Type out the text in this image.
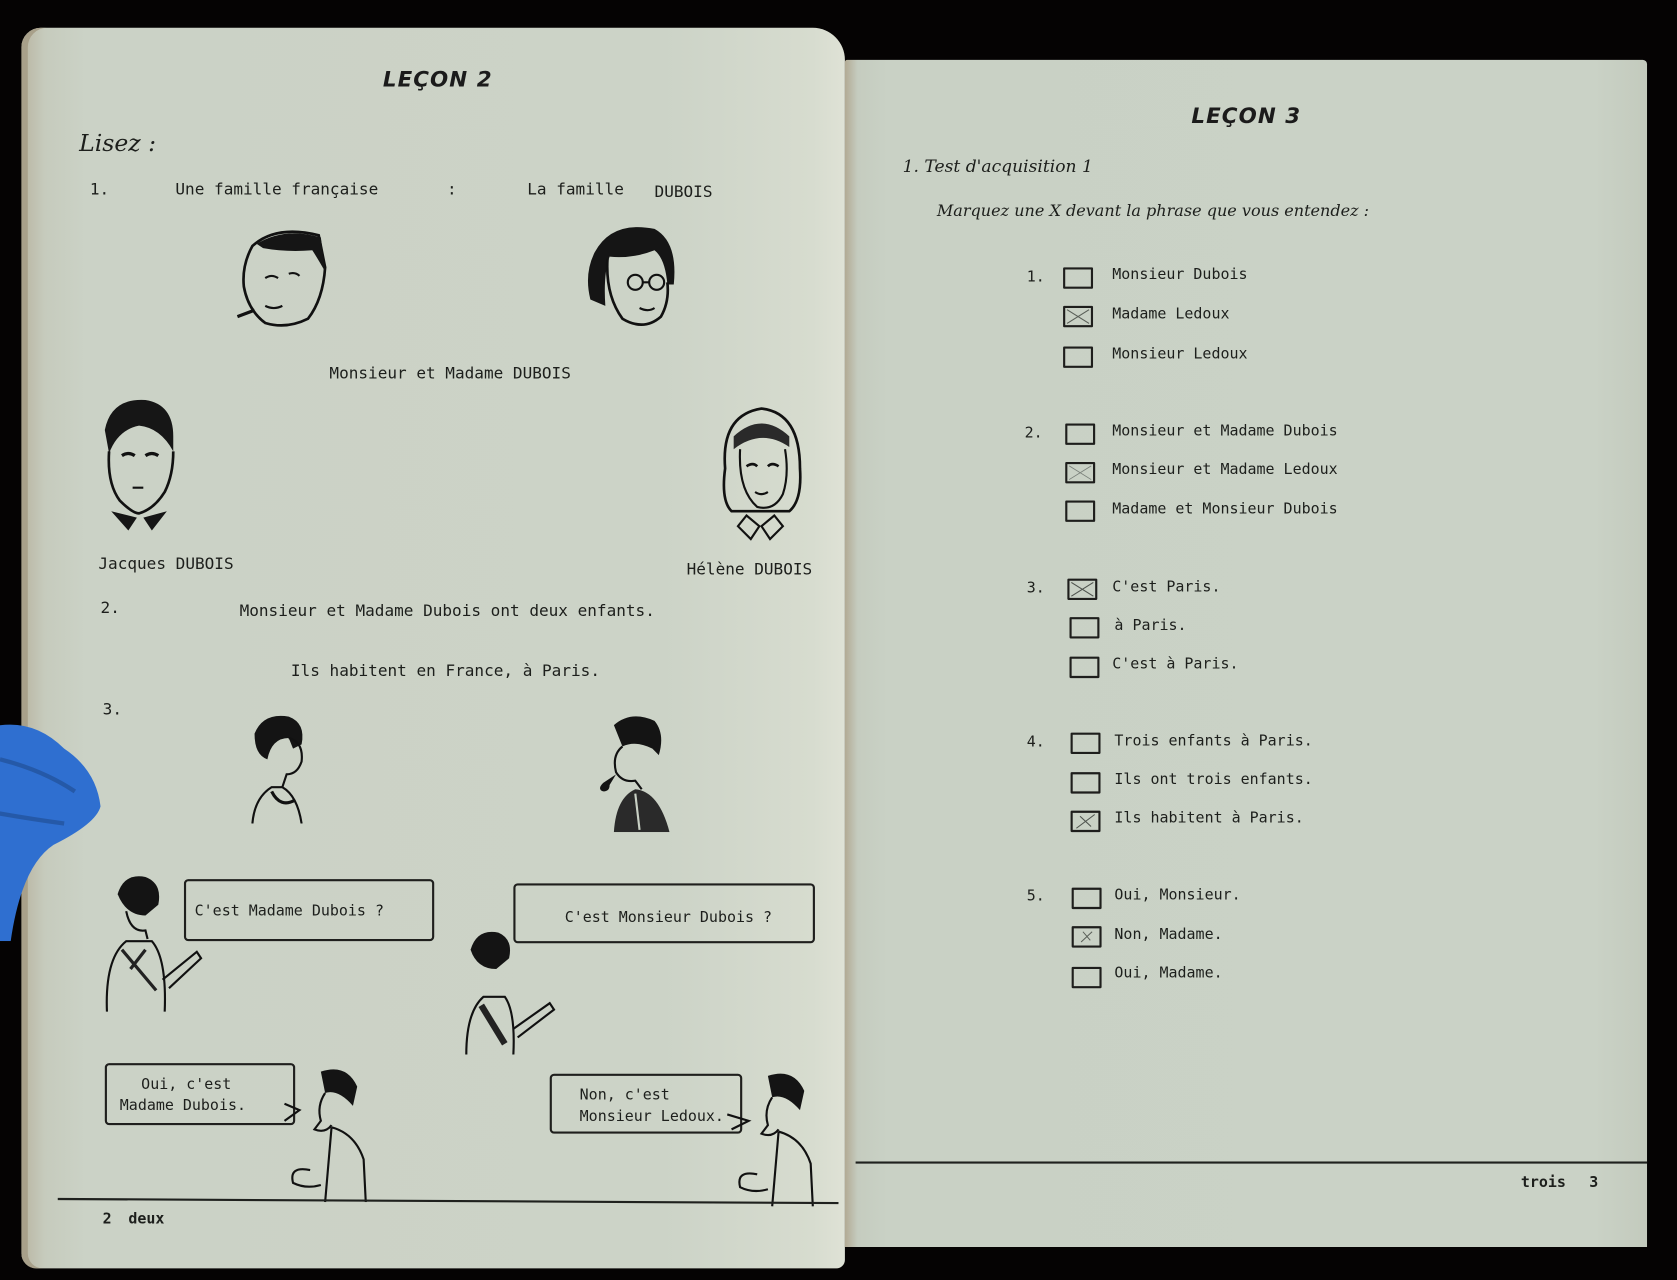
LEÇON 2
Lisez :
1.	Une famille française	:	La famille DUBOIS
Monsieur et Madame DUBOIS
Jacques DUBOIS	Hélène DUBOIS
2.	Monsieur et Madame Dubois ont deux enfants.
Ils habitent en France, à Paris.
3.
C'est Madame Dubois ?	C'est Monsieur Dubois ?
Oui, c'est
Madame Dubois.
Non, c'est
Monsieur Ledoux.
2 deux
LEÇON 3
1. Test d'acquisition 1
Marquez une X devant la phrase que vous entendez :
1.	Monsieur Dubois
Madame Ledoux
Monsieur Ledoux
2.	Monsieur et Madame Dubois
Monsieur et Madame Ledoux
Madame et Monsieur Dubois
3.	C'est Paris.
à Paris.
C'est à Paris.
4.	Trois enfants à Paris.
Ils ont trois enfants.
Ils habitent à Paris.
5.	Oui, Monsieur.
Non, Madame.
Oui, Madame.
trois 3
